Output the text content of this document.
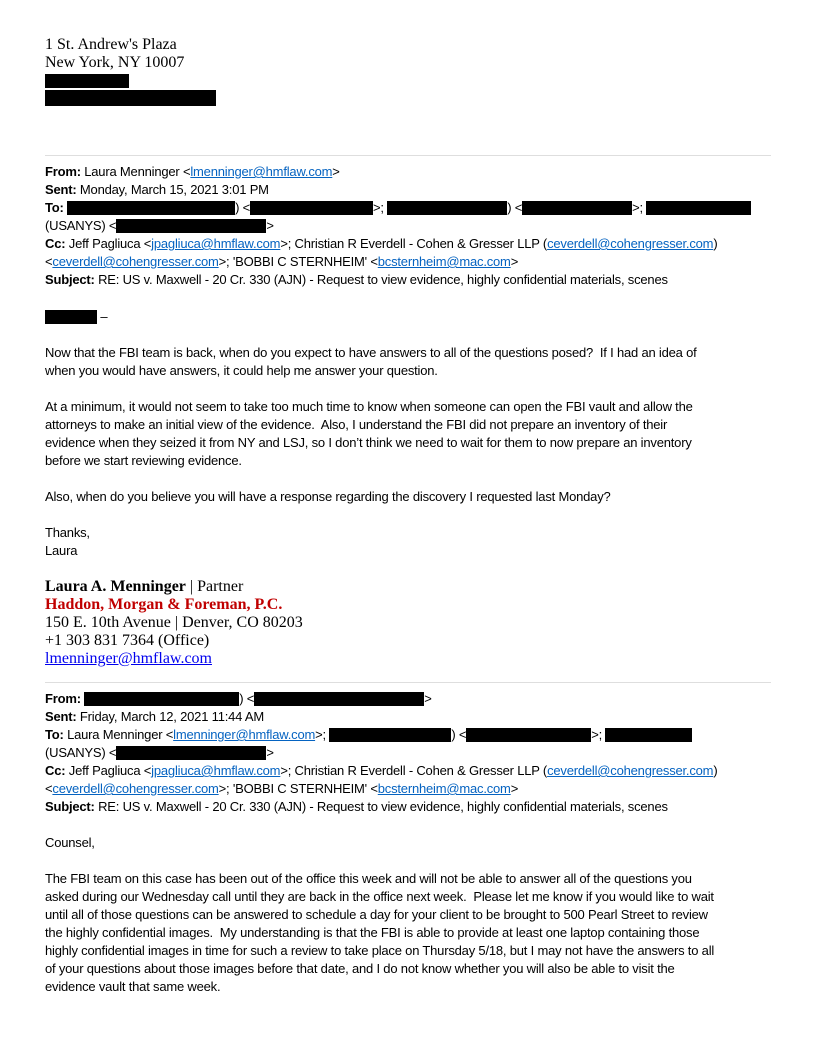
1 St. Andrew's Plaza
New York, NY 10007
From: Laura Menninger <lmenninger@hmflaw.com>
Sent: Monday, March 15, 2021 3:01 PM
To:	) <	>;	) <	>;
(USANYS) <	>
Cc: Jeff Pagliuca <jpagliuca@hmflaw.com>; Christian R Everdell - Cohen & Gresser LLP (ceverdell@cohengresser.com)
<ceverdell@cohengresser.com>; 'BOBBI C STERNHEIM' <bcsternheim@mac.com>
Subject: RE: US v. Maxwell - 20 Cr. 330 (AJN) - Request to view evidence, highly confidential materials, scenes
–
Now that the FBI team is back, when do you expect to have answers to all of the questions posed?  If I had an idea of
when you would have answers, it could help me answer your question.
At a minimum, it would not seem to take too much time to know when someone can open the FBI vault and allow the
attorneys to make an initial view of the evidence.  Also, I understand the FBI did not prepare an inventory of their
evidence when they seized it from NY and LSJ, so I don’t think we need to wait for them to now prepare an inventory
before we start reviewing evidence.
Also, when do you believe you will have a response regarding the discovery I requested last Monday?
Thanks,
Laura
Laura A. Menninger | Partner
Haddon, Morgan & Foreman, P.C.
150 E. 10th Avenue | Denver, CO 80203
+1 303 831 7364 (Office)
lmenninger@hmflaw.com
From:	) <	>
Sent: Friday, March 12, 2021 11:44 AM
To: Laura Menninger <lmenninger@hmflaw.com>;	) <	>;
(USANYS) <	>
Cc: Jeff Pagliuca <jpagliuca@hmflaw.com>; Christian R Everdell - Cohen & Gresser LLP (ceverdell@cohengresser.com)
<ceverdell@cohengresser.com>; 'BOBBI C STERNHEIM' <bcsternheim@mac.com>
Subject: RE: US v. Maxwell - 20 Cr. 330 (AJN) - Request to view evidence, highly confidential materials, scenes
Counsel,
The FBI team on this case has been out of the office this week and will not be able to answer all of the questions you
asked during our Wednesday call until they are back in the office next week.  Please let me know if you would like to wait
until all of those questions can be answered to schedule a day for your client to be brought to 500 Pearl Street to review
the highly confidential images.  My understanding is that the FBI is able to provide at least one laptop containing those
highly confidential images in time for such a review to take place on Thursday 5/18, but I may not have the answers to all
of your questions about those images before that date, and I do not know whether you will also be able to visit the
evidence vault that same week.
